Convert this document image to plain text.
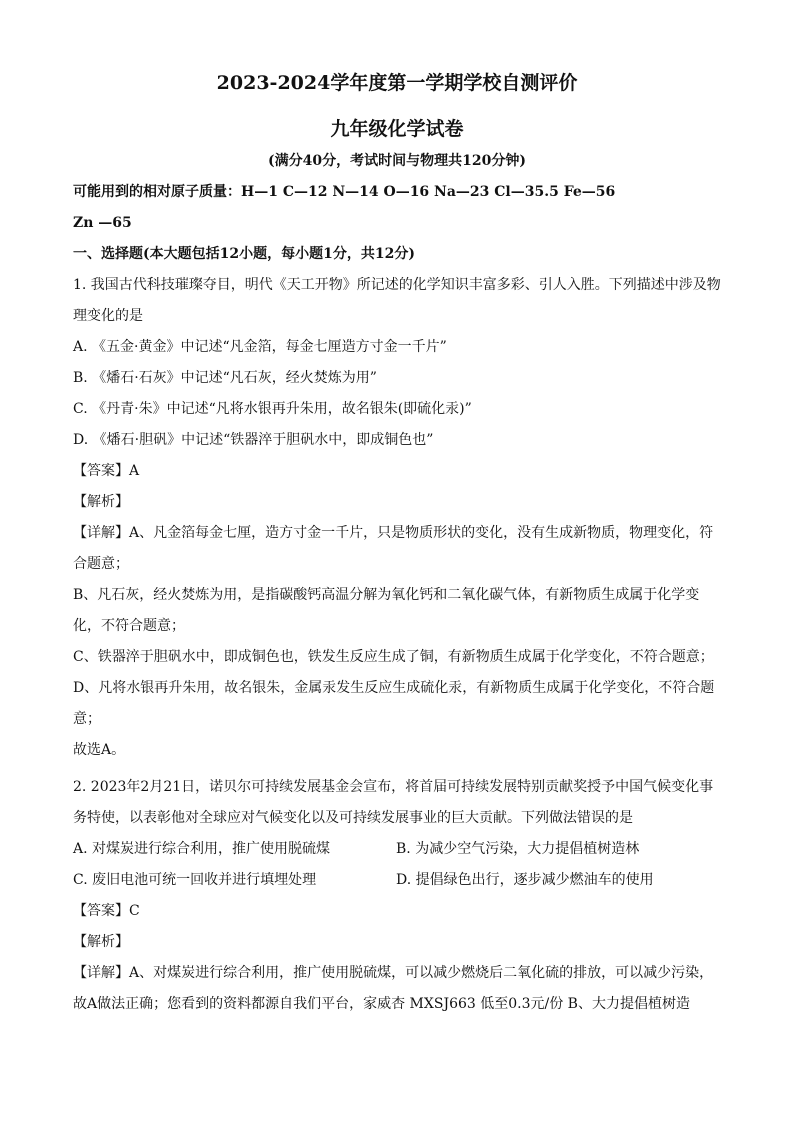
2023-2024学年度第一学期学校自测评价
九年级化学试卷
(满分40分，考试时间与物理共120分钟)
可能用到的相对原子质量：H—1 C—12 N—14 O—16 Na—23 Cl—35.5 Fe—56
Zn —65
一、选择题(本大题包括12小题，每小题1分，共12分)
1. 我国古代科技璀璨夺目，明代《天工开物》所记述的化学知识丰富多彩、引人入胜。下列描述中涉及物
理变化的是
A. 《五金·黄金》中记述“凡金箔，每金七厘造方寸金一千片”
B. 《燔石·石灰》中记述“凡石灰，经火焚炼为用”
C. 《丹青·朱》中记述“凡将水银再升朱用，故名银朱(即硫化汞)”
D. 《燔石·胆矾》中记述“铁器淬于胆矾水中，即成铜色也”
【答案】A
【解析】
【详解】A、凡金箔每金七厘，造方寸金一千片，只是物质形状的变化，没有生成新物质，物理变化，符
合题意；
B、凡石灰，经火焚炼为用，是指碳酸钙高温分解为氧化钙和二氧化碳气体，有新物质生成属于化学变
化，不符合题意；
C、铁器淬于胆矾水中，即成铜色也，铁发生反应生成了铜，有新物质生成属于化学变化，不符合题意；
D、凡将水银再升朱用，故名银朱，金属汞发生反应生成硫化汞，有新物质生成属于化学变化，不符合题
意；
故选A。
2. 2023年2月21日，诺贝尔可持续发展基金会宣布，将首届可持续发展特别贡献奖授予中国气候变化事
务特使，以表彰他对全球应对气候变化以及可持续发展事业的巨大贡献。下列做法错误的是
A. 对煤炭进行综合利用，推广使用脱硫煤	B. 为减少空气污染，大力提倡植树造林
C. 废旧电池可统一回收并进行填埋处理	D. 提倡绿色出行，逐步减少燃油车的使用
【答案】C
【解析】
【详解】A、对煤炭进行综合利用，推广使用脱硫煤，可以减少燃烧后二氧化硫的排放，可以减少污染，
故A做法正确；您看到的资料都源自我们平台，家威杏 MXSJ663 低至0.3元/份 B、大力提倡植树造
